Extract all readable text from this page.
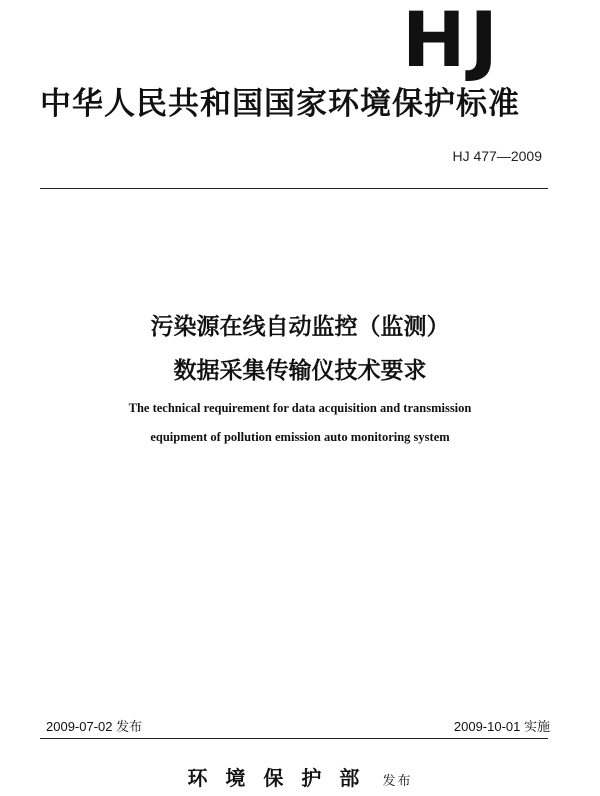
HJ
中华人民共和国国家环境保护标准
HJ 477—2009
污染源在线自动监控（监测）
数据采集传输仪技术要求
The technical requirement for data acquisition and transmission
equipment of pollution emission auto monitoring system
2009-07-02 发布	2009-10-01 实施
环境保护部 发布
